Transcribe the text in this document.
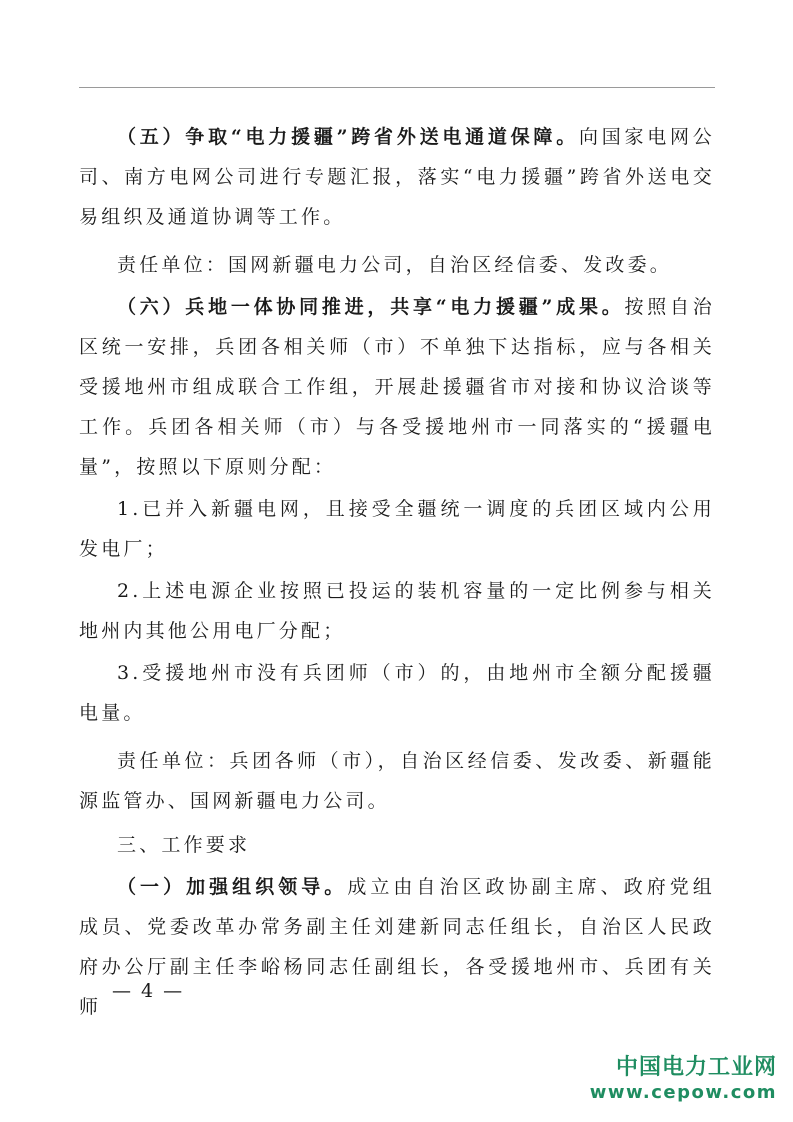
（五）争取“电力援疆”跨省外送电通道保障。向国家电网公司、南方电网公司进行专题汇报，落实“电力援疆”跨省外送电交易组织及通道协调等工作。

责任单位：国网新疆电力公司，自治区经信委、发改委。

（六）兵地一体协同推进，共享“电力援疆”成果。按照自治区统一安排，兵团各相关师（市）不单独下达指标，应与各相关受援地州市组成联合工作组，开展赴援疆省市对接和协议洽谈等工作。兵团各相关师（市）与各受援地州市一同落实的“援疆电量”，按照以下原则分配：

1.已并入新疆电网，且接受全疆统一调度的兵团区域内公用发电厂；

2.上述电源企业按照已投运的装机容量的一定比例参与相关地州内其他公用电厂分配；

3.受援地州市没有兵团师（市）的，由地州市全额分配援疆电量。

责任单位：兵团各师（市），自治区经信委、发改委、新疆能源监管办、国网新疆电力公司。

三、工作要求

（一）加强组织领导。成立由自治区政协副主席、政府党组成员、党委改革办常务副主任刘建新同志任组长，自治区人民政府办公厅副主任李峪杨同志任副组长，各受援地州市、兵团有关师

— 4 —
中国电力工业网
www.cepow.com
